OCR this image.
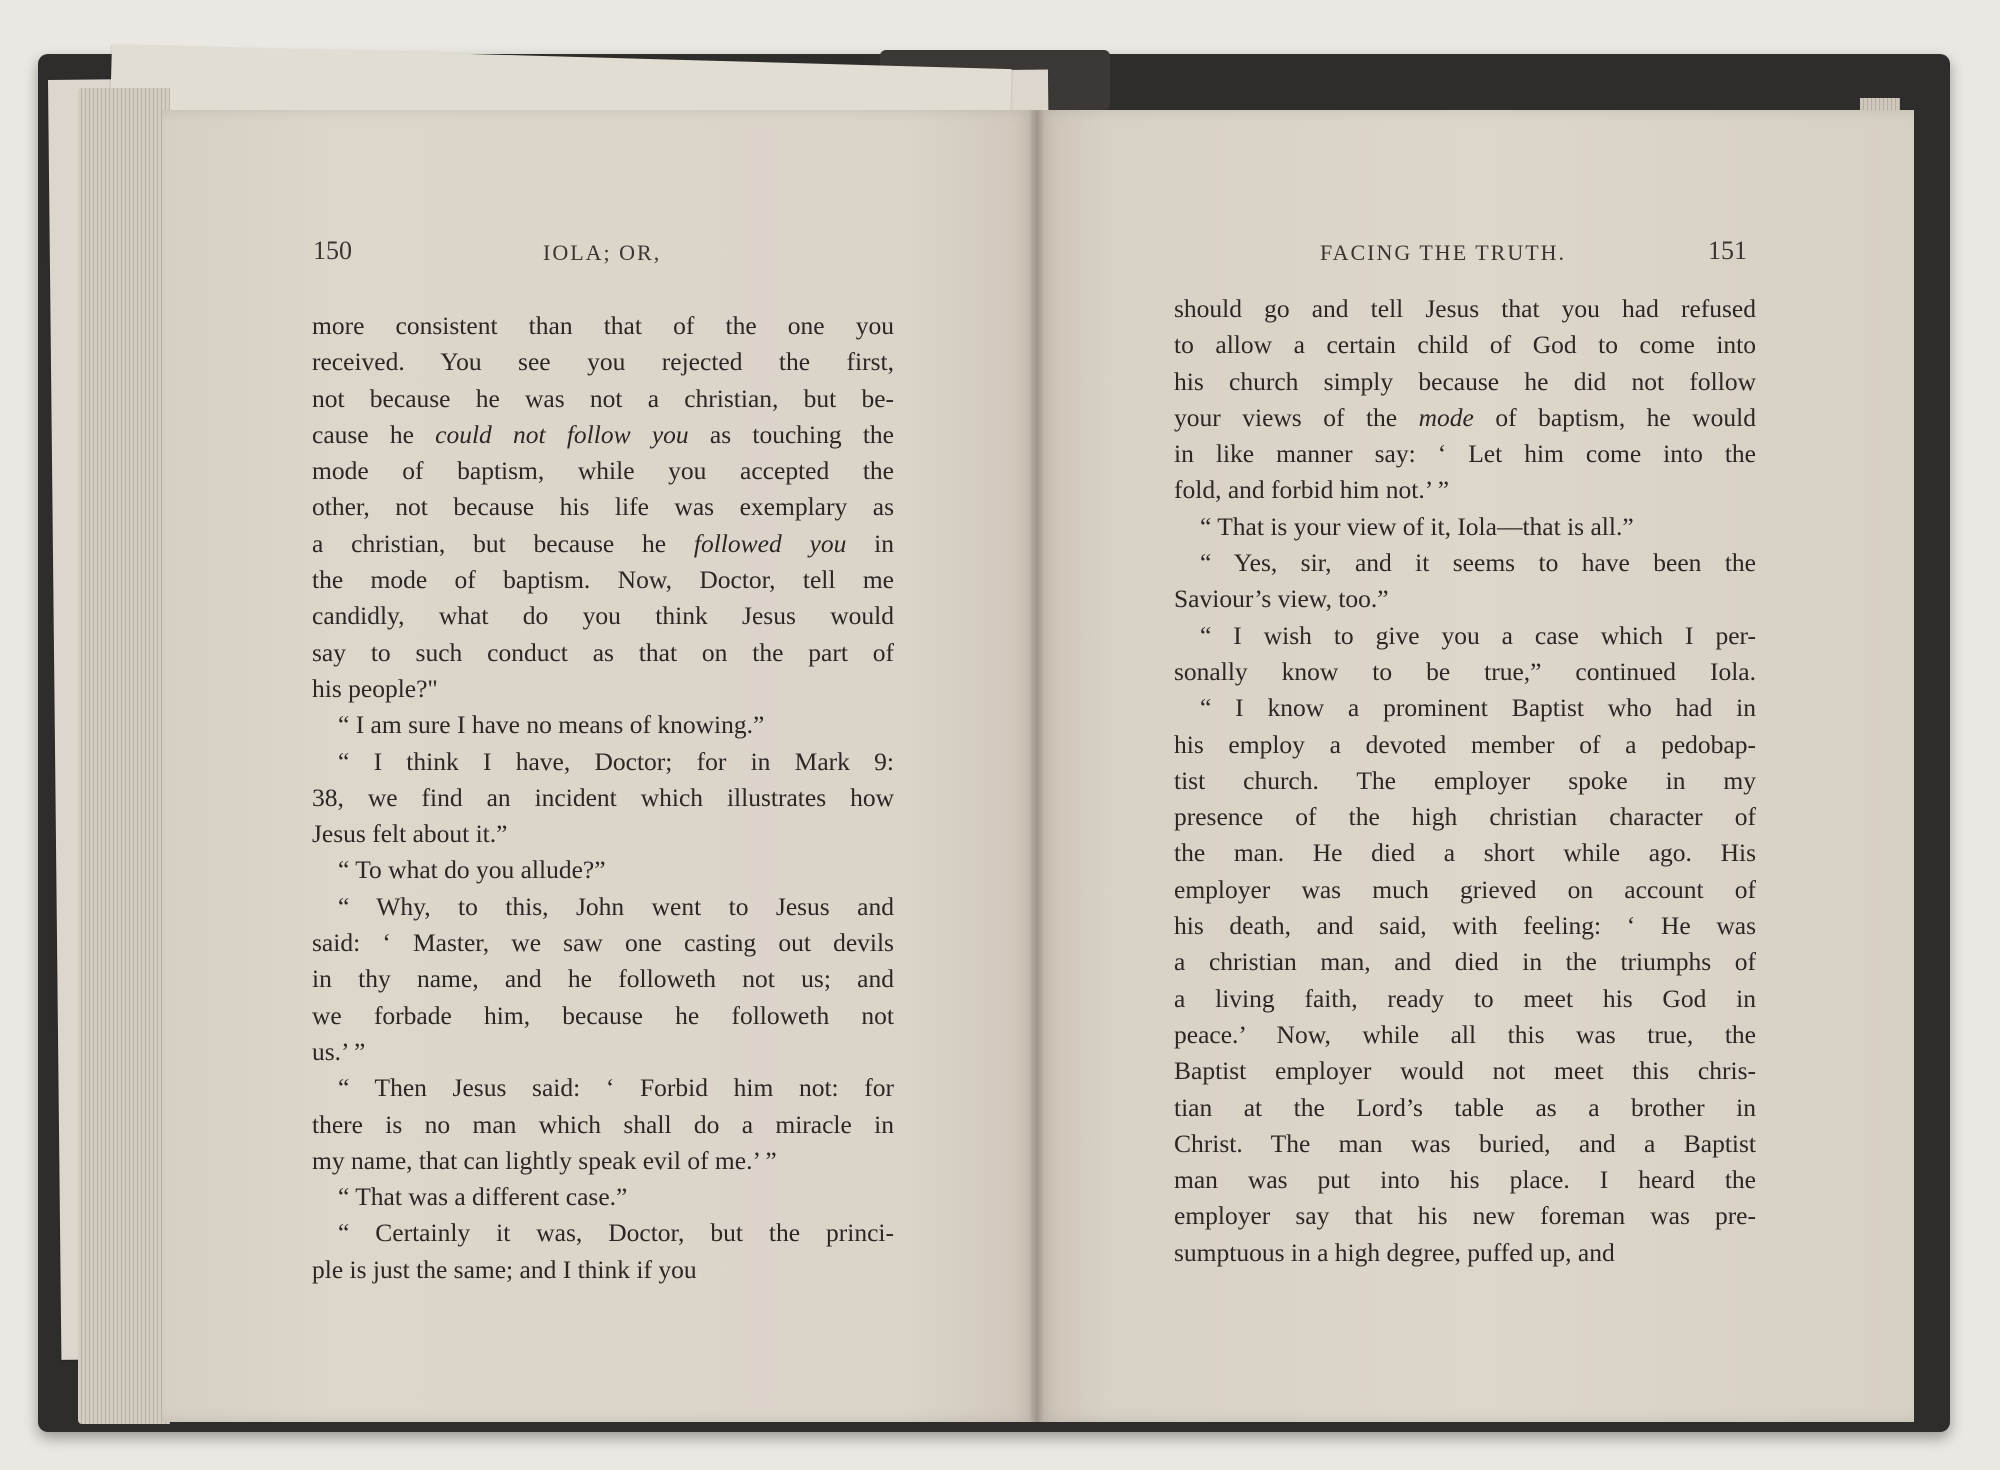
150	IOLA; OR,	FACING THE TRUTH.	151
more consistent than that of the one you
received. You see you rejected the first,
not because he was not a christian, but be-
cause he could not follow you as touching the
mode of baptism, while you accepted the
other, not because his life was exemplary as
a christian, but because he followed you in
the mode of baptism. Now, Doctor, tell me
candidly, what do you think Jesus would
say to such conduct as that on the part of
his people?"
“ I am sure I have no means of knowing.”
“ I think I have, Doctor; for in Mark 9:
38, we find an incident which illustrates how
Jesus felt about it.”
“ To what do you allude?”
“ Why, to this, John went to Jesus and
said: ‘ Master, we saw one casting out devils
in thy name, and he followeth not us; and
we forbade him, because he followeth not
us.’ ”
“ Then Jesus said: ‘ Forbid him not: for
there is no man which shall do a miracle in
my name, that can lightly speak evil of me.’ ”
“ That was a different case.”
“ Certainly it was, Doctor, but the princi-
ple is just the same; and I think if you
should go and tell Jesus that you had refused
to allow a certain child of God to come into
his church simply because he did not follow
your views of the mode of baptism, he would
in like manner say: ‘ Let him come into the
fold, and forbid him not.’ ”
“ That is your view of it, Iola—that is all.”
“ Yes, sir, and it seems to have been the
Saviour’s view, too.”
“ I wish to give you a case which I per-
sonally know to be true,” continued Iola.
“ I know a prominent Baptist who had in
his employ a devoted member of a pedobap-
tist church. The employer spoke in my
presence of the high christian character of
the man. He died a short while ago. His
employer was much grieved on account of
his death, and said, with feeling: ‘ He was
a christian man, and died in the triumphs of
a living faith, ready to meet his God in
peace.’ Now, while all this was true, the
Baptist employer would not meet this chris-
tian at the Lord’s table as a brother in
Christ. The man was buried, and a Baptist
man was put into his place. I heard the
employer say that his new foreman was pre-
sumptuous in a high degree, puffed up, and
